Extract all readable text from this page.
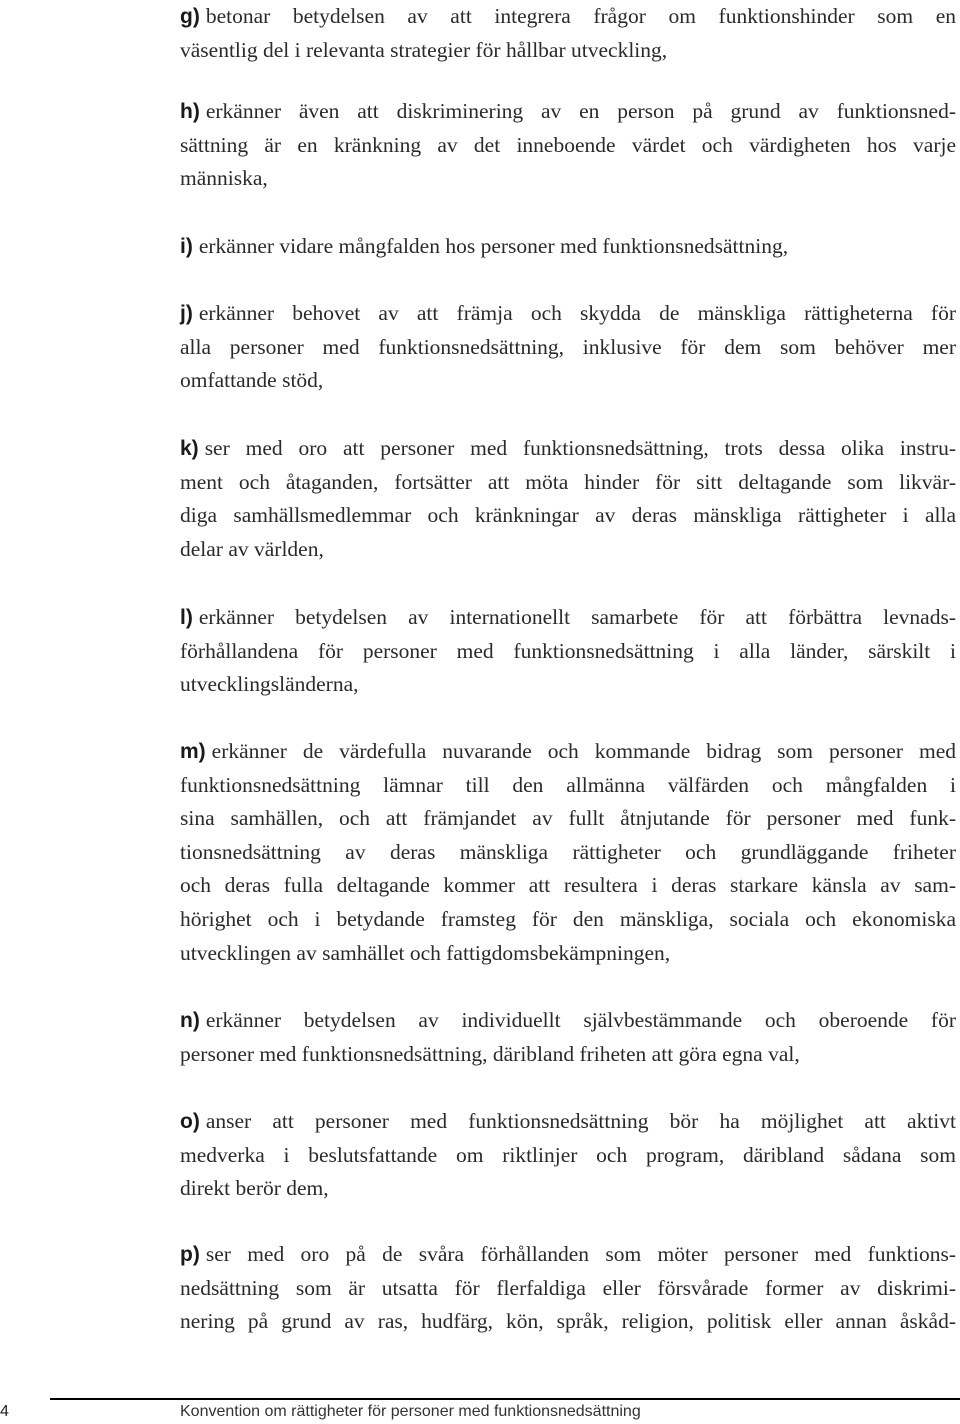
g) betonar betydelsen av att integrera frågor om funktionshinder som en
väsentlig del i relevanta strategier för hållbar utveckling,
h) erkänner även att diskriminering av en person på grund av funktionsned-
sättning är en kränkning av det inneboende värdet och värdigheten hos varje
människa,
i) erkänner vidare mångfalden hos personer med funktionsnedsättning,
j) erkänner behovet av att främja och skydda de mänskliga rättigheterna för
alla personer med funktionsnedsättning, inklusive för dem som behöver mer
omfattande stöd,
k) ser med oro att personer med funktionsnedsättning, trots dessa olika instru-
ment och åtaganden, fortsätter att möta hinder för sitt deltagande som likvär-
diga samhällsmedlemmar och kränkningar av deras mänskliga rättigheter i alla
delar av världen,
l) erkänner betydelsen av internationellt samarbete för att förbättra levnads-
förhållandena för personer med funktionsnedsättning i alla länder, särskilt i
utvecklingsländerna,
m) erkänner de värdefulla nuvarande och kommande bidrag som personer med
funktionsnedsättning lämnar till den allmänna välfärden och mångfalden i
sina samhällen, och att främjandet av fullt åtnjutande för personer med funk-
tionsnedsättning av deras mänskliga rättigheter och grundläggande friheter
och deras fulla deltagande kommer att resultera i deras starkare känsla av sam-
hörighet och i betydande framsteg för den mänskliga, sociala och ekonomiska
utvecklingen av samhället och fattigdomsbekämpningen,
n) erkänner betydelsen av individuellt självbestämmande och oberoende för
personer med funktionsnedsättning, däribland friheten att göra egna val,
o) anser att personer med funktionsnedsättning bör ha möjlighet att aktivt
medverka i beslutsfattande om riktlinjer och program, däribland sådana som
direkt berör dem,
p) ser med oro på de svåra förhållanden som möter personer med funktions-
nedsättning som är utsatta för flerfaldiga eller försvårade former av diskrimi-
nering på grund av ras, hudfärg, kön, språk, religion, politisk eller annan åskåd-
4	Konvention om rättigheter för personer med funktionsnedsättning
